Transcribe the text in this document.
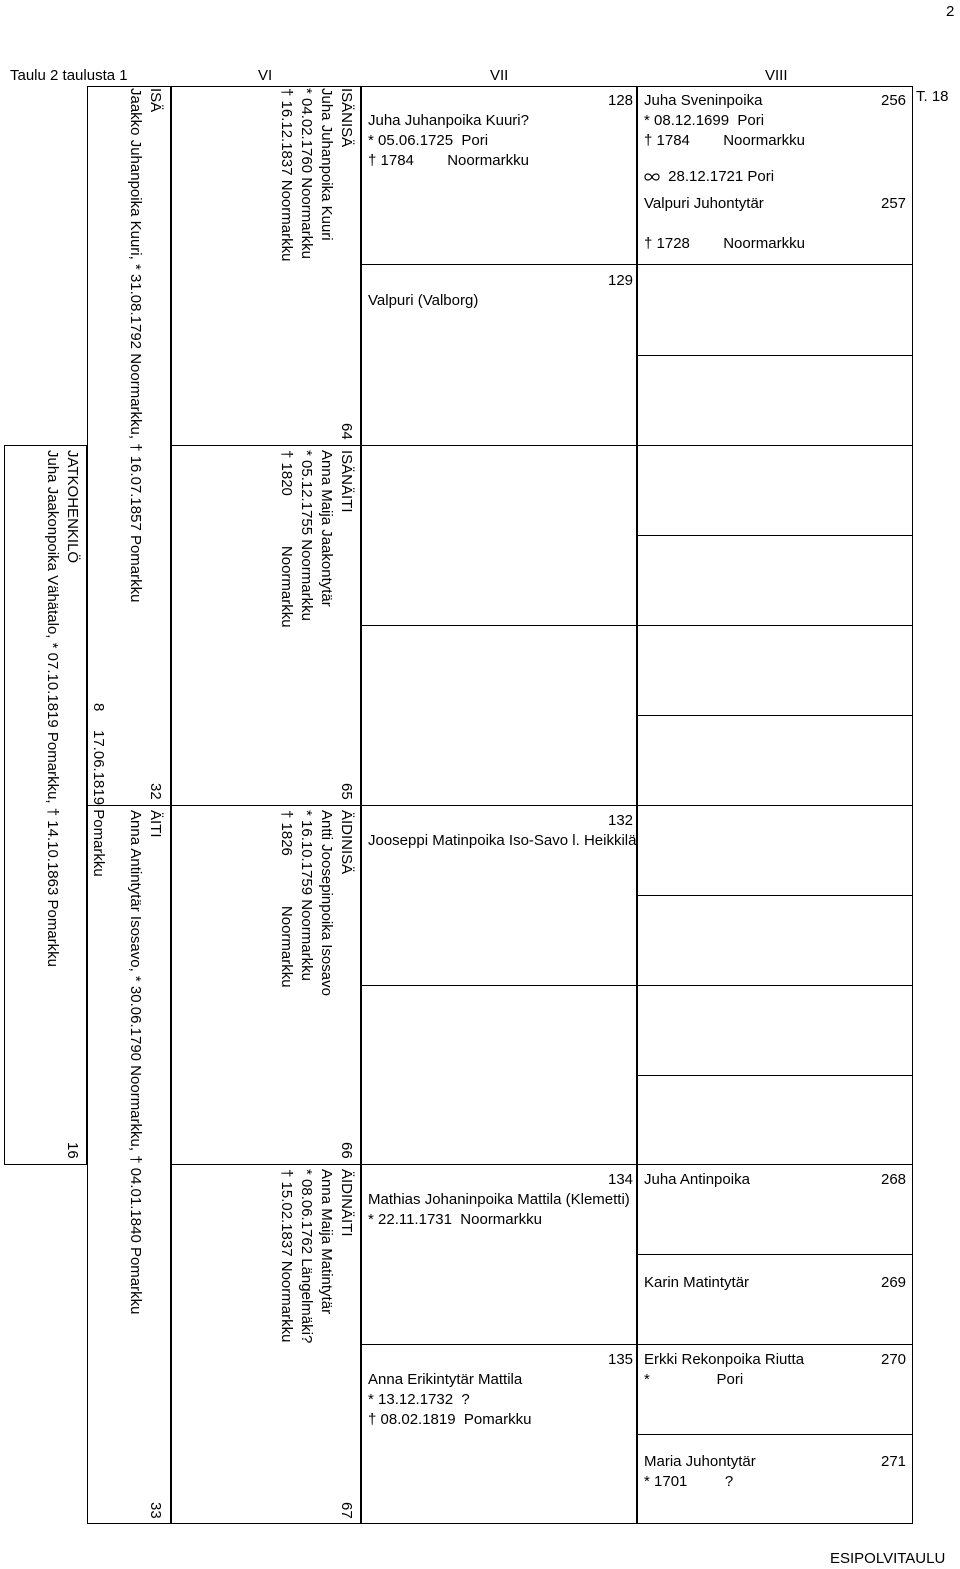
2
Taulu 2 taulusta 1	VI	VII	VIII
T. 18
ESIPOLVITAULU
JATKOHENKILÖ
Juha Jaakonpoika Vähätalo, * 07.10.1819 Pomarkku, † 14.10.1863 Pomarkku
16
8
17.06.1819 Pomarkku
ISÄ
Jaakko Juhanpoika Kuuri, * 31.08.1792 Noormarkku, † 16.07.1857 Pomarkku
32
ÄITI
Anna Antintytär Isosavo, * 30.06.1790 Noormarkku, † 04.01.1840 Pomarkku
33
ISÄNISÄ
Juha Juhanpoika Kuuri
* 04.02.1760 Noormarkku
† 16.12.1837 Noormarkku
64
ISÄNÄITI
Anna Maija Jaakontytär
* 05.12.1755 Noormarkku
† 1820            Noormarkku
65
ÄIDINISÄ
Antti Joosepinpoika Isosavo
* 16.10.1759 Noormarkku
† 1826            Noormarkku
66
ÄIDINÄITI
Anna Maija Matintytär
* 08.06.1762 Längelmäki?
† 15.02.1837 Noormarkku
67
128
Juha Juhanpoika Kuuri?
* 05.06.1725  Pori
† 1784        Noormarkku
129
Valpuri (Valborg)
132
Jooseppi Matinpoika Iso-Savo l. Heikkilä
134
Mathias Johaninpoika Mattila (Klemetti)
* 22.11.1731  Noormarkku
135
Anna Erikintytär Mattila
* 13.12.1732  ?
† 08.02.1819  Pomarkku
Juha Sveninpoika
* 08.12.1699  Pori
† 1784        Noormarkku
256
28.12.1721 Pori
Valpuri Juhontytär	257
† 1728        Noormarkku
Juha Antinpoika	268
Karin Matintytär	269
Erkki Rekonpoika Riutta
*                Pori
270
Maria Juhontytär
* 1701         ?
271
